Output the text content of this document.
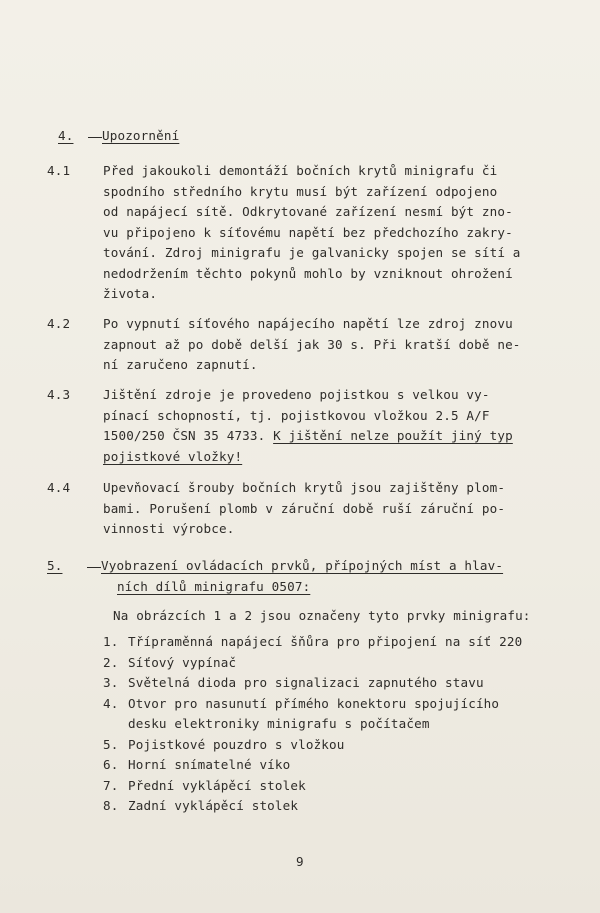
4. Upozornění
4.1	Před jakoukoli demontáží bočních krytů minigrafu či
spodního středního krytu musí být zařízení odpojeno
od napájecí sítě. Odkrytované zařízení nesmí být zno-
vu připojeno k síťovému napětí bez předchozího zakry-
tování. Zdroj minigrafu je galvanicky spojen se sítí a
nedodržením těchto pokynů mohlo by vzniknout ohrožení
života.
4.2	Po vypnutí síťového napájecího napětí lze zdroj znovu
zapnout až po době delší jak 30 s. Při kratší době ne-
ní zaručeno zapnutí.
4.3	Jištění zdroje je provedeno pojistkou s velkou vy-
pínací schopností, tj. pojistkovou vložkou 2.5 A/F
1500/250 ČSN 35 4733. K jištění nelze použít jiný typ
pojistkové vložky!
4.4	Upevňovací šrouby bočních krytů jsou zajištěny plom-
bami. Porušení plomb v záruční době ruší záruční po-
vinnosti výrobce.
5.	Vyobrazení ovládacích prvků, přípojných míst a hlav-
ních dílů minigrafu 0507:
Na obrázcích 1 a 2 jsou označeny tyto prvky minigrafu:
1. Třípraměnná napájecí šňůra pro připojení na síť 220
2. Síťový vypínač
3. Světelná dioda pro signalizaci zapnutého stavu
4. Otvor pro nasunutí přímého konektoru spojujícího
desku elektroniky minigrafu s počítačem
5. Pojistkové pouzdro s vložkou
6. Horní snímatelné víko
7. Přední vyklápěcí stolek
8. Zadní vyklápěcí stolek
9
